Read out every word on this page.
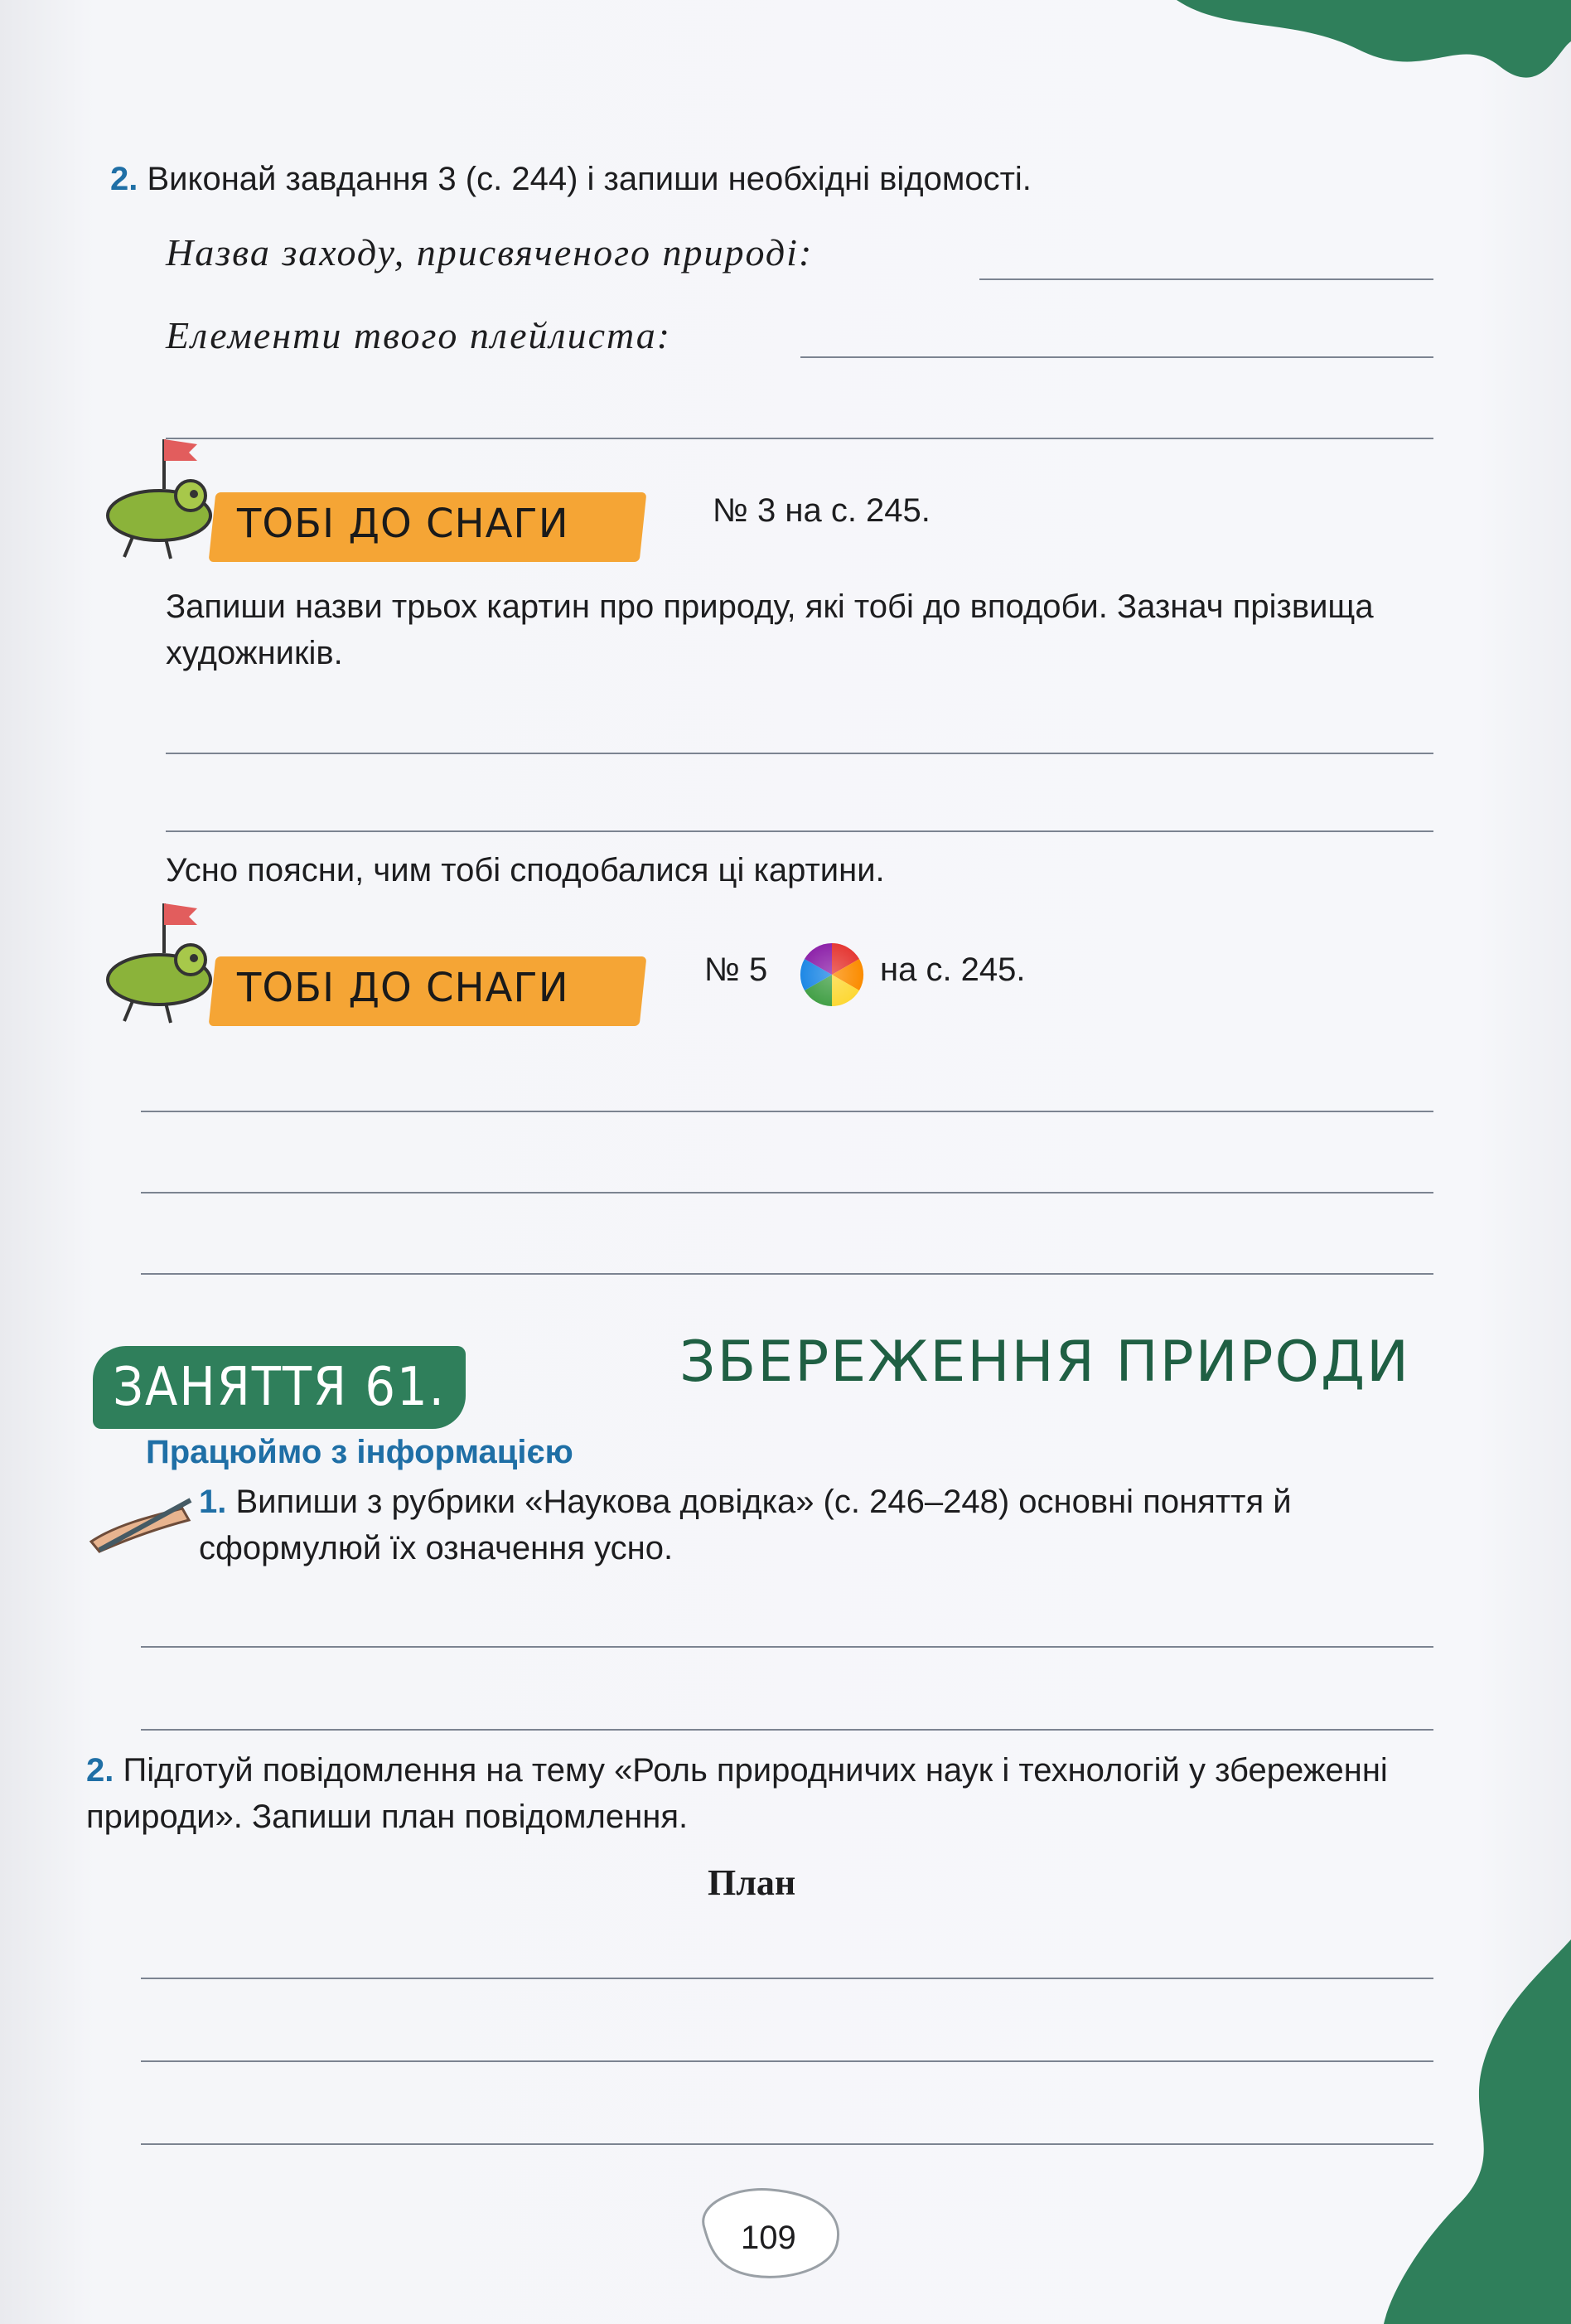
2. Виконай завдання 3 (с. 244) і запиши необхідні відомості.
Назва заходу, присвяченого природі:
Елементи твого плейлиста:
ТОБІ ДО СНАГИ	№ 3 на с. 245.
Запиши назви трьох картин про природу, які тобі до вподоби. Зазнач прізвища художників.
Усно поясни, чим тобі сподобалися ці картини.
ТОБІ ДО СНАГИ	№ 5	на с. 245.
ЗАНЯТТЯ 61.	ЗБЕРЕЖЕННЯ ПРИРОДИ
Працюймо з інформацією
1. Випиши з рубрики «Наукова довідка» (с. 246–248) основні поняття й сформулюй їх означення усно.
2. Підготуй повідомлення на тему «Роль природничих наук і технологій у збереженні природи». Запиши план повідомлення.
План
109
